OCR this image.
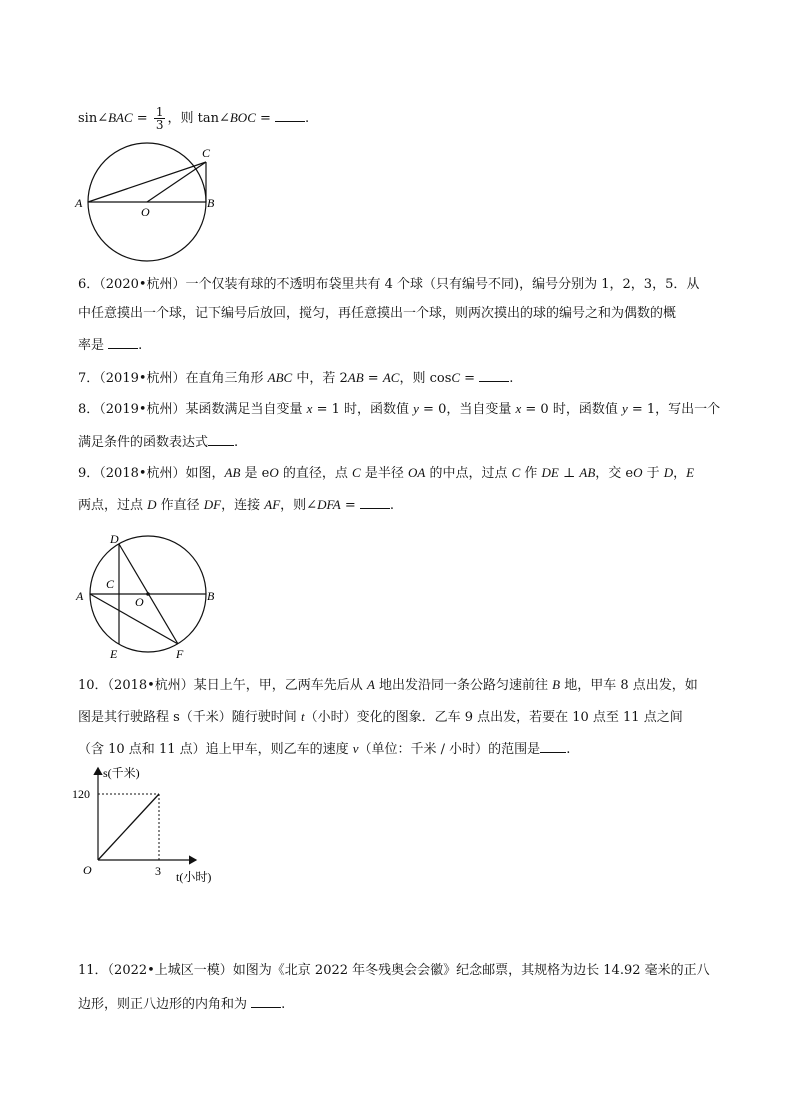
sin∠BAC = $\frac{1}{3}$ ，则 tan∠BOC = .
A	B
C
O
6．（2020•杭州）一个仅装有球的不透明布袋里共有 4 个球（只有编号不同)，编号分别为 1，2，3，5．从
中任意摸出一个球，记下编号后放回，搅匀，再任意摸出一个球，则两次摸出的球的编号之和为偶数的概
率是 .
7．（2019•杭州）在直角三角形 ABC 中，若 2AB = AC，则 cosC = .
8．（2019•杭州）某函数满足当自变量 x = 1 时，函数值 y = 0，当自变量 x = 0 时，函数值 y = 1，写出一个
满足条件的函数表达式 .
9．（2018•杭州）如图，AB 是 eO 的直径，点 C 是半径 OA 的中点，过点 C 作 DE ⊥ AB，交 eO 于 D，E
两点，过点 D 作直径 DF，连接 AF，则∠DFA = .
A	B
C
D
E	F
O
10．（2018•杭州）某日上午，甲，乙两车先后从 A 地出发沿同一条公路匀速前往 B 地，甲车 8 点出发，如
图是其行驶路程 s（千米）随行驶时间 t（小时）变化的图象．乙车 9 点出发，若要在 10 点至 11 点之间
（含 10 点和 11 点）追上甲车，则乙车的速度 v（单位：千米 / 小时）的范围是 .
s(千米)
120
3
O	t(小时)
11．（2022•上城区一模）如图为《北京 2022 年冬残奥会会徽》纪念邮票，其规格为边长 14.92 毫米的正八
边形，则正八边形的内角和为 .
